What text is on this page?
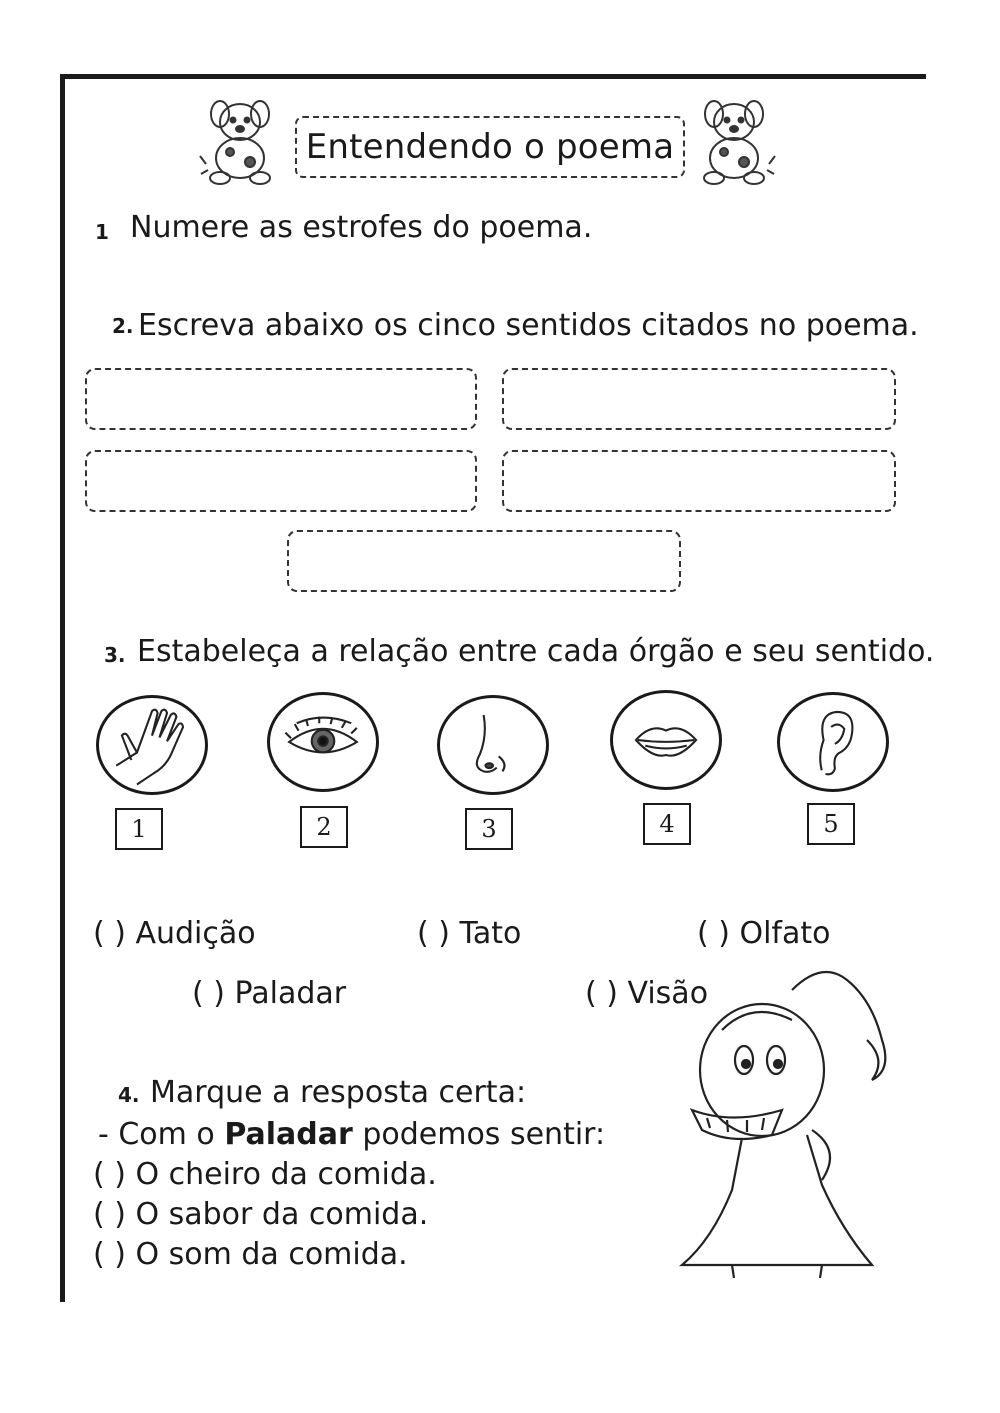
Entendendo o poema
1 Numere as estrofes do poema.
2. Escreva abaixo os cinco sentidos citados no poema.
3. Estabeleça a relação entre cada órgão e seu sentido.
1	2	3	4	5
( ) Audição	( ) Tato	( ) Olfato
( ) Paladar	( ) Visão
4. Marque a resposta certa:
- Com o Paladar podemos sentir:
( ) O cheiro da comida.
( ) O sabor da comida.
( ) O som da comida.
